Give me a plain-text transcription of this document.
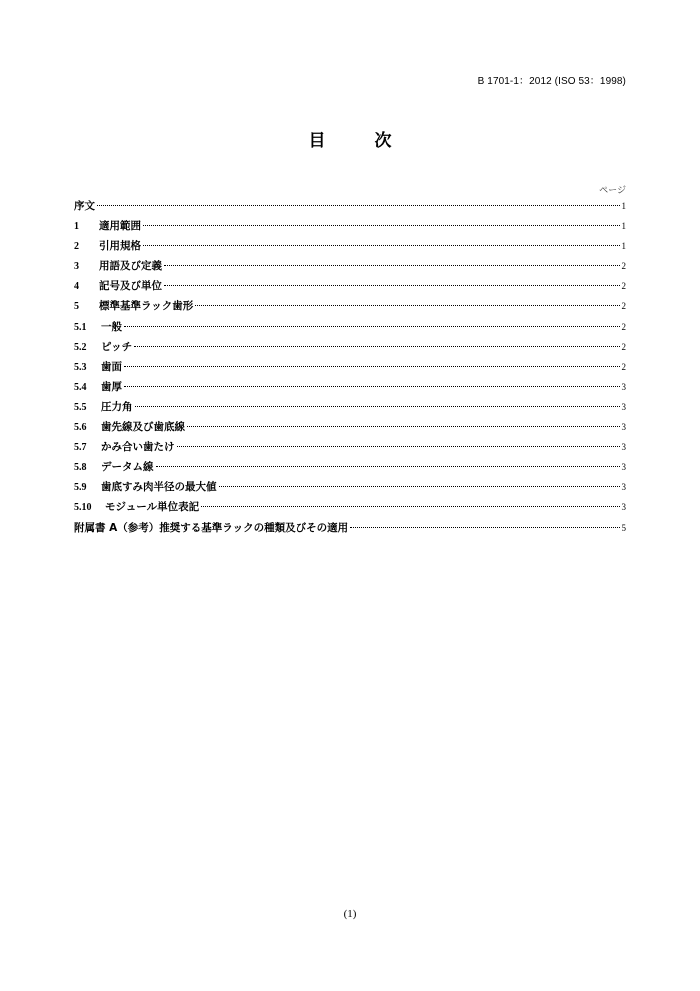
B 1701-1：2012 (ISO 53：1998)
目　次
ページ
序文	1
1	適用範囲	1
2	引用規格	1
3	用語及び定義	2
4	記号及び単位	2
5	標準基準ラック歯形	2
5.1	一般	2
5.2	ピッチ	2
5.3	歯面	2
5.4	歯厚	3
5.5	圧力角	3
5.6	歯先線及び歯底線	3
5.7	かみ合い歯たけ	3
5.8	データム線	3
5.9	歯底すみ肉半径の最大値	3
5.10	モジュール単位表記	3
附属書 A（参考）推奨する基準ラックの種類及びその適用	5
(1)
